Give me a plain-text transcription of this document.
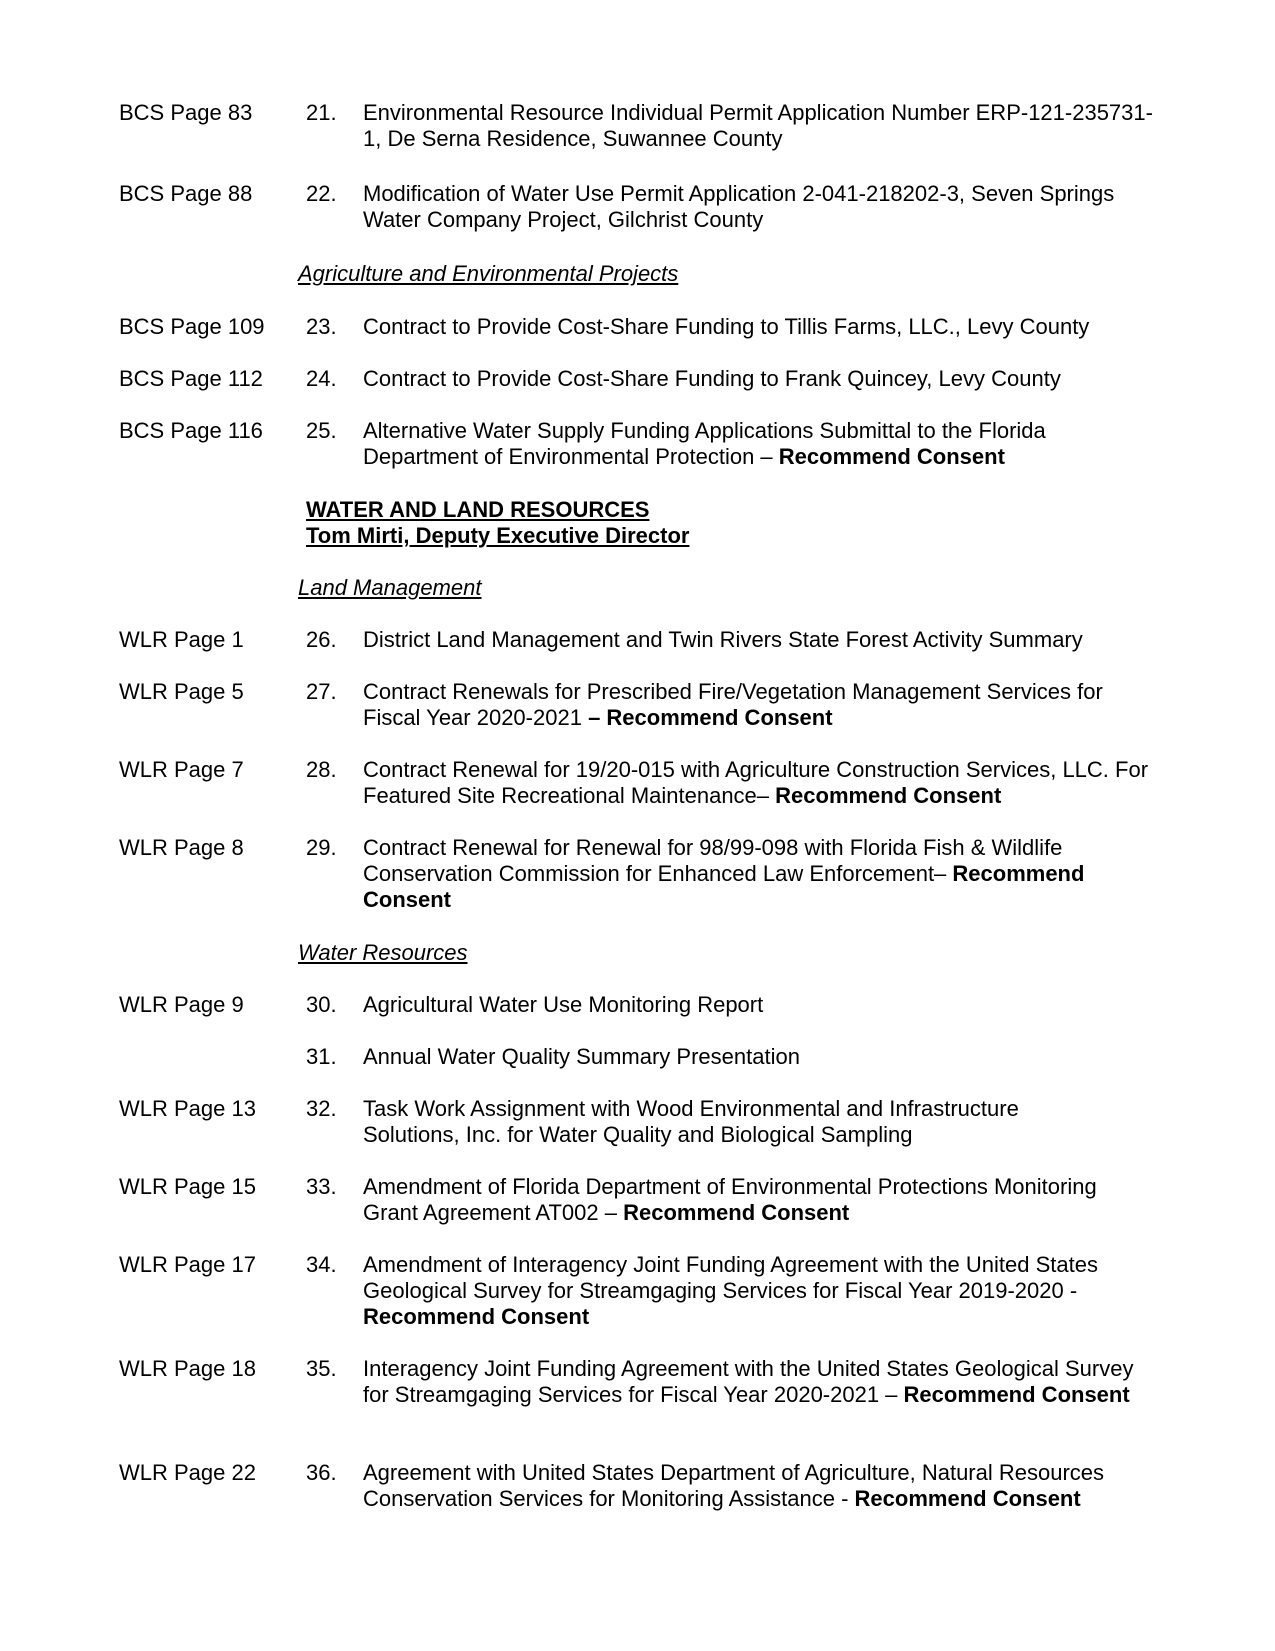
BCS Page 83 21. Environmental Resource Individual Permit Application Number ERP-121-235731-1, De Serna Residence, Suwannee County
BCS Page 88 22. Modification of Water Use Permit Application 2-041-218202-3, Seven Springs Water Company Project, Gilchrist County
Agriculture and Environmental Projects
BCS Page 109 23. Contract to Provide Cost-Share Funding to Tillis Farms, LLC., Levy County
BCS Page 112 24. Contract to Provide Cost-Share Funding to Frank Quincey, Levy County
BCS Page 116 25. Alternative Water Supply Funding Applications Submittal to the Florida Department of Environmental Protection – Recommend Consent
WATER AND LAND RESOURCES
Tom Mirti, Deputy Executive Director
Land Management
WLR Page 1	26. District Land Management and Twin Rivers State Forest Activity Summary
WLR Page 5	27. Contract Renewals for Prescribed Fire/Vegetation Management Services for Fiscal Year 2020-2021 – Recommend Consent
WLR Page 7	28. Contract Renewal for 19/20-015 with Agriculture Construction Services, LLC. For Featured Site Recreational Maintenance– Recommend Consent
WLR Page 8	29. Contract Renewal for Renewal for 98/99-098 with Florida Fish & Wildlife Conservation Commission for Enhanced Law Enforcement– Recommend Consent
Water Resources
WLR Page 9	30. Agricultural Water Use Monitoring Report
31. Annual Water Quality Summary Presentation
WLR Page 13 32. Task Work Assignment with Wood Environmental and Infrastructure Solutions, Inc. for Water Quality and Biological Sampling
WLR Page 15 33. Amendment of Florida Department of Environmental Protections Monitoring Grant Agreement AT002 – Recommend Consent
WLR Page 17 34. Amendment of Interagency Joint Funding Agreement with the United States Geological Survey for Streamgaging Services for Fiscal Year 2019-2020 - Recommend Consent
WLR Page 18 35. Interagency Joint Funding Agreement with the United States Geological Survey for Streamgaging Services for Fiscal Year 2020-2021 – Recommend Consent
WLR Page 22 36. Agreement with United States Department of Agriculture, Natural Resources Conservation Services for Monitoring Assistance - Recommend Consent
